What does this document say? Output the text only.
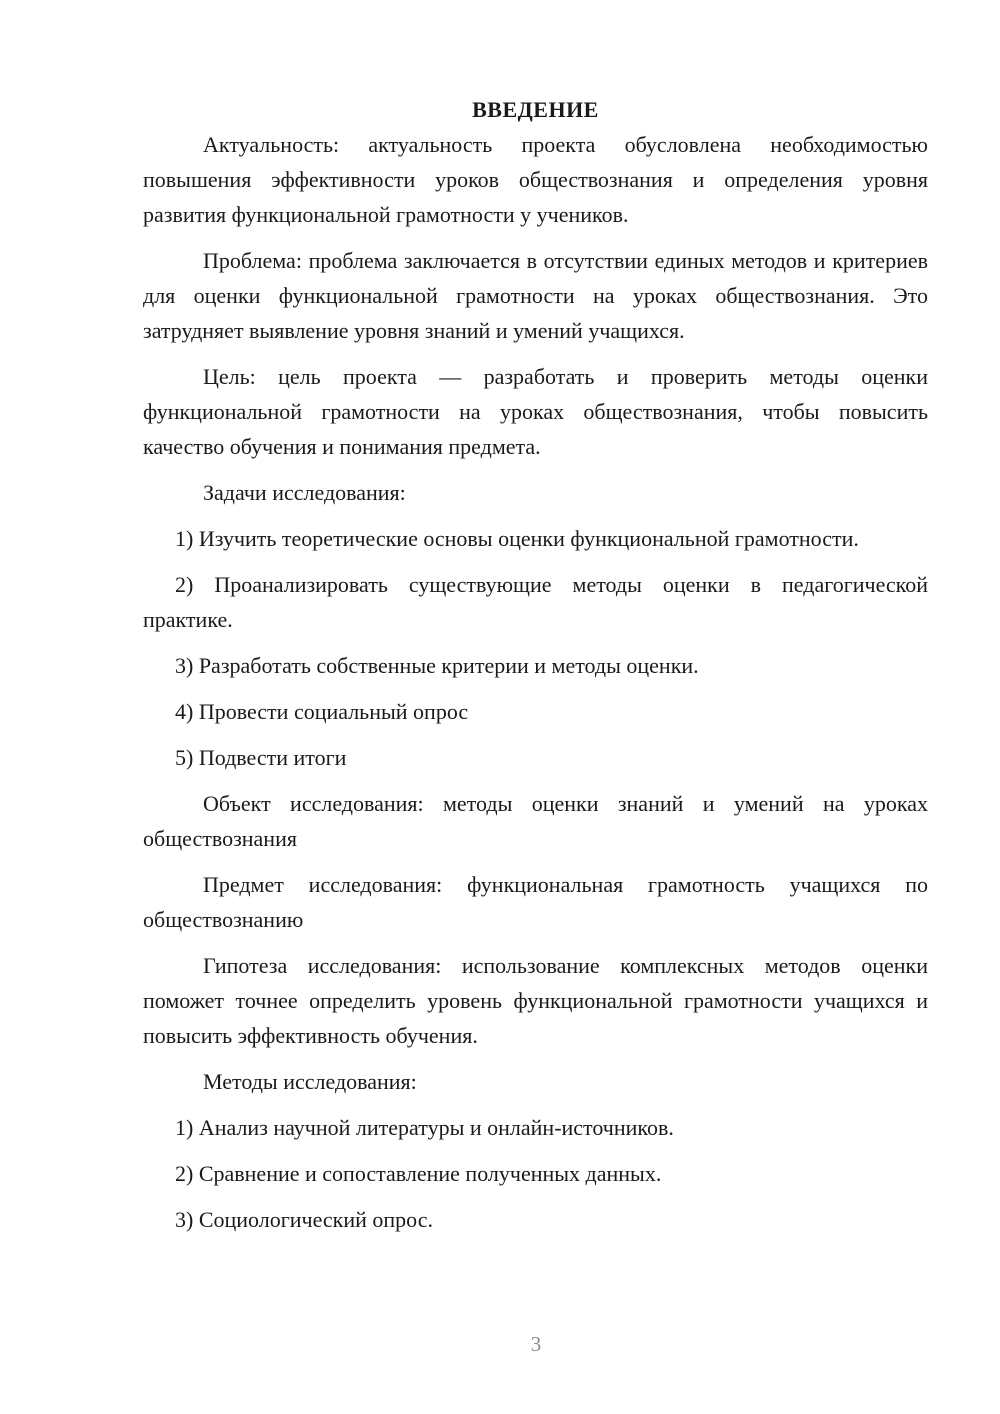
ВВЕДЕНИЕ

Актуальность: актуальность проекта обусловлена необходимостью повышения эффективности уроков обществознания и определения уровня развития функциональной грамотности у учеников.

Проблема: проблема заключается в отсутствии единых методов и критериев для оценки функциональной грамотности на уроках обществознания. Это затрудняет выявление уровня знаний и умений учащихся.

Цель: цель проекта — разработать и проверить методы оценки функциональной грамотности на уроках обществознания, чтобы повысить качество обучения и понимания предмета.

Задачи исследования:

1) Изучить теоретические основы оценки функциональной грамотности.

2) Проанализировать существующие методы оценки в педагогической практике.

3) Разработать собственные критерии и методы оценки.

4) Провести социальный опрос

5) Подвести итоги

Объект исследования: методы оценки знаний и умений на уроках обществознания

Предмет исследования: функциональная грамотность учащихся по обществознанию

Гипотеза исследования: использование комплексных методов оценки поможет точнее определить уровень функциональной грамотности учащихся и повысить эффективность обучения.

Методы исследования:

1) Анализ научной литературы и онлайн-источников.

2) Сравнение и сопоставление полученных данных.

3) Социологический опрос.

3
